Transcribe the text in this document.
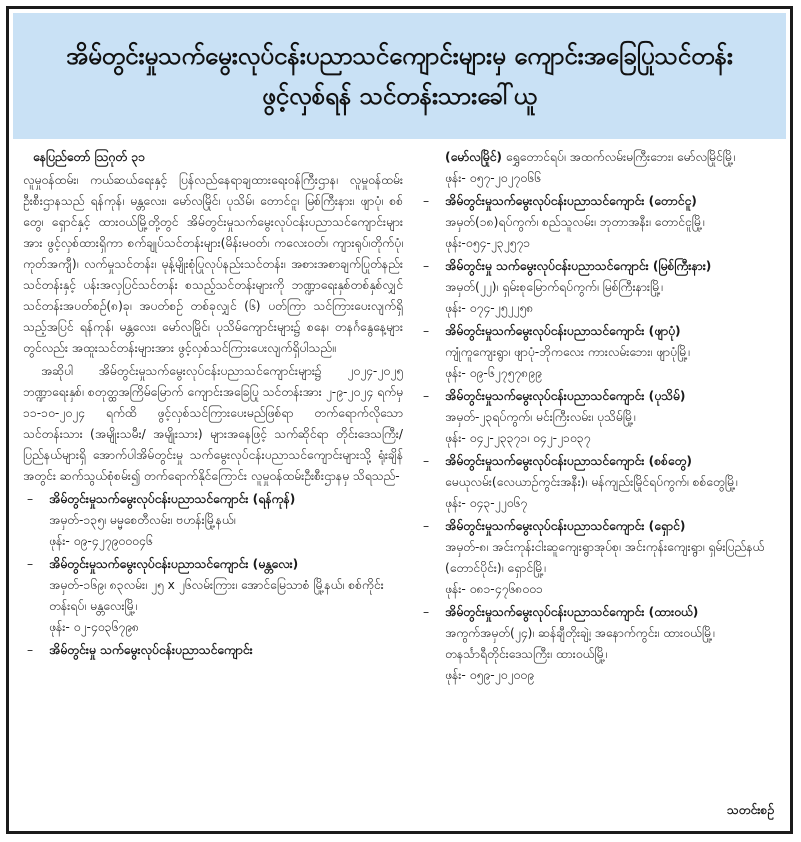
အိမ်တွင်းမှုသက်မွေးလုပ်ငန်းပညာသင်ကျောင်းများမှ ကျောင်းအခြေပြုသင်တန်း
ဖွင့်လှစ်ရန် သင်တန်းသားခေါ်ယူ
နေပြည်တော် ဩဂုတ် ၃၁

လူမှုဝန်ထမ်း၊ ကယ်ဆယ်ရေးနှင့် ပြန်လည်နေရာချထားရေးဝန်ကြီးဌာန၊ လူမှုဝန်ထမ်းဦးစီးဌာနသည် ရန်ကုန်၊ မန္တလေး၊ မော်လမြိုင်၊ ပုသိမ်၊ တောင်ငူ၊ မြစ်ကြီးနား၊ ဖျာပုံ၊ စစ်တွေ၊ ရှောင်နှင့် ထားဝယ်မြို့တို့တွင် အိမ်တွင်းမှုသက်မွေးလုပ်ငန်းပညာသင်ကျောင်းများအား ဖွင့်လှစ်ထားရှိကာ စက်ချုပ်သင်တန်းများ(မိန်းမဝတ်၊ ကလေးဝတ်၊ ကျားရုပ်၊တိုက်ပုံ၊ကုတ်အကျီ)၊ လက်မှုသင်တန်း၊ မုန့်မျိုးစုံပြုလုပ်နည်းသင်တန်း၊ အစားအစာချက်ပြုတ်နည်းသင်တန်းနှင့် ပန်းအလှပြင်သင်တန်း စသည့်သင်တန်းများကို ဘဏ္ဍာရေးနှစ်တစ်နှစ်လျှင် သင်တန်းအပတ်စဉ်(၈)ခု၊ အပတ်စဉ် တစ်ခုလျှင် (၆) ပတ်ကြာ သင်ကြားပေးလျက်ရှိသည့်အပြင် ရန်ကုန်၊ မန္တလေး၊ မော်လမြိုင်၊ ပုသိမ်ကျောင်းများ၌ စနေ၊ တနင်္ဂနွေနေ့များတွင်လည်း အထူးသင်တန်းများအား ဖွင့်လှစ်သင်ကြားပေးလျက်ရှိပါသည်။

အဆိုပါ အိမ်တွင်းမှုသက်မွေးလုပ်ငန်းပညာသင်ကျောင်းများ၌ ၂၀၂၄-၂၀၂၅ ဘဏ္ဍာရေးနှစ်၊ စတုတ္ထအကြိမ်မြောက် ကျောင်းအခြေပြု သင်တန်းအား ၂-၉-၂၀၂၄ ရက်မှ ၁၁-၁၀-၂၀၂၄ ရက်ထိ ဖွင့်လှစ်သင်ကြားပေးမည်ဖြစ်ရာ တက်ရောက်လိုသော သင်တန်းသား (အမျိုးသမီး/ အမျိုးသား) များအနေဖြင့် သက်ဆိုင်ရာ တိုင်းဒေသကြီး/ပြည်နယ်များရှိ အောက်ပါအိမ်တွင်းမှု သက်မွေးလုပ်ငန်းပညာသင်ကျောင်းများသို့ ရုံးချိန်အတွင်း ဆက်သွယ်စုံစမ်း၍ တက်ရောက်နိုင်ကြောင်း လူမှုဝန်ထမ်းဦးစီးဌာနမှ သိရသည်-

– အိမ်တွင်းမှုသက်မွေးလုပ်ငန်းပညာသင်ကျောင်း (ရန်ကုန်)
အမှတ်-၁၃၅၊ မမ္မစေတီလမ်း၊ ဗဟန်းမြို့နယ်၊
ဖုန်း- ၀၉-၄၂၇၉၀၀၀၄၆
– အိမ်တွင်းမှုသက်မွေးလုပ်ငန်းပညာသင်ကျောင်း (မန္တလေး)
အမှတ်-၁၆၉၊ ၈၃လမ်း၊ ၂၅ x ၂၆လမ်းကြား၊ အောင်မြေသာစံ မြို့နယ်၊ စစ်ကိုင်းတန်းရပ်၊ မန္တလေးမြို့၊
ဖုန်း- ၀၂-၄၀၃၆၇၉၈
– အိမ်တွင်းမှု သက်မွေးလုပ်ငန်းပညာသင်ကျောင်း
(မော်လမြိုင်) ရွှေတောင်ရပ်၊ အထက်လမ်းမကြီးဘေး၊ မော်လမြိုင်မြို့၊
ဖုန်း- ၀၅၇-၂၀၂၇၀၆၆
– အိမ်တွင်းမှုသက်မွေးလုပ်ငန်းပညာသင်ကျောင်း (တောင်ငူ)
အမှတ်(၁၈)ရပ်ကွက်၊ စည်သူလမ်း၊ ဘုတာအနီး၊ တောင်ငူမြို့၊
ဖုန်း-၀၅၄-၂၃၂၅၇၁
– အိမ်တွင်းမှု သက်မွေးလုပ်ငန်းပညာသင်ကျောင်း (မြစ်ကြီးနား)
အမှတ်(၂၂)၊ ရှမ်းစုမြောက်ရပ်ကွက်၊ မြစ်ကြီးနားမြို့၊
ဖုန်း- ၀၇၄-၂၅၂၂၅၈
– အိမ်တွင်းမှုသက်မွေးလုပ်ငန်းပညာသင်ကျောင်း (ဖျာပုံ)
ကျုံကူကျေးရွာ၊ ဖျာပုံ-ဘိုကလေး ကားလမ်းဘေး၊ ဖျာပုံမြို့၊
ဖုန်း- ၀၉-၆၂၇၅၇၈၉၉
– အိမ်တွင်းမှုသက်မွေးလုပ်ငန်းပညာသင်ကျောင်း (ပုသိမ်)
အမှတ်-၂၃ရပ်ကွက်၊ မင်းကြီးလမ်း၊ ပုသိမ်မြို့၊
ဖုန်း- ၀၄၂-၂၃၃၇၁၊ ၀၄၂-၂၁၀၃၇
– အိမ်တွင်းမှုသက်မွေးလုပ်ငန်းပညာသင်ကျောင်း (စစ်တွေ)
မေယုလမ်း(လေယာဉ်ကွင်းအနီး)၊ မန်ကျည်းမြိုင်ရပ်ကွက်၊ စစ်တွေမြို့၊
ဖုန်း- ၀၄၃-၂၂၀၆၇
– အိမ်တွင်းမှုသက်မွေးလုပ်ငန်းပညာသင်ကျောင်း (ရှောင်)
အမှတ်-၈၊ အင်းကုန်းငါးဆူကျေးရွာအုပ်စု၊ အင်းကုန်းကျေးရွာ၊ ရှမ်းပြည်နယ် (တောင်ပိုင်း)၊ ရှောင်မြို့၊
ဖုန်း- ၀၈၁-၄၇၆၈၀၀၁
– အိမ်တွင်းမှုသက်မွေးလုပ်ငန်းပညာသင်ကျောင်း (ထားဝယ်)
အကွက်အမှတ်(၂၄)၊ ဆန်ချီတိုးချဲ့၊ အနောက်ကွင်း၊ ထားဝယ်မြို့၊ တနင်္သာရီတိုင်းဒေသကြီး၊ ထားဝယ်မြို့၊
ဖုန်း- ၀၅၉-၂၀၂၀၀၉
သတင်းစဉ်
